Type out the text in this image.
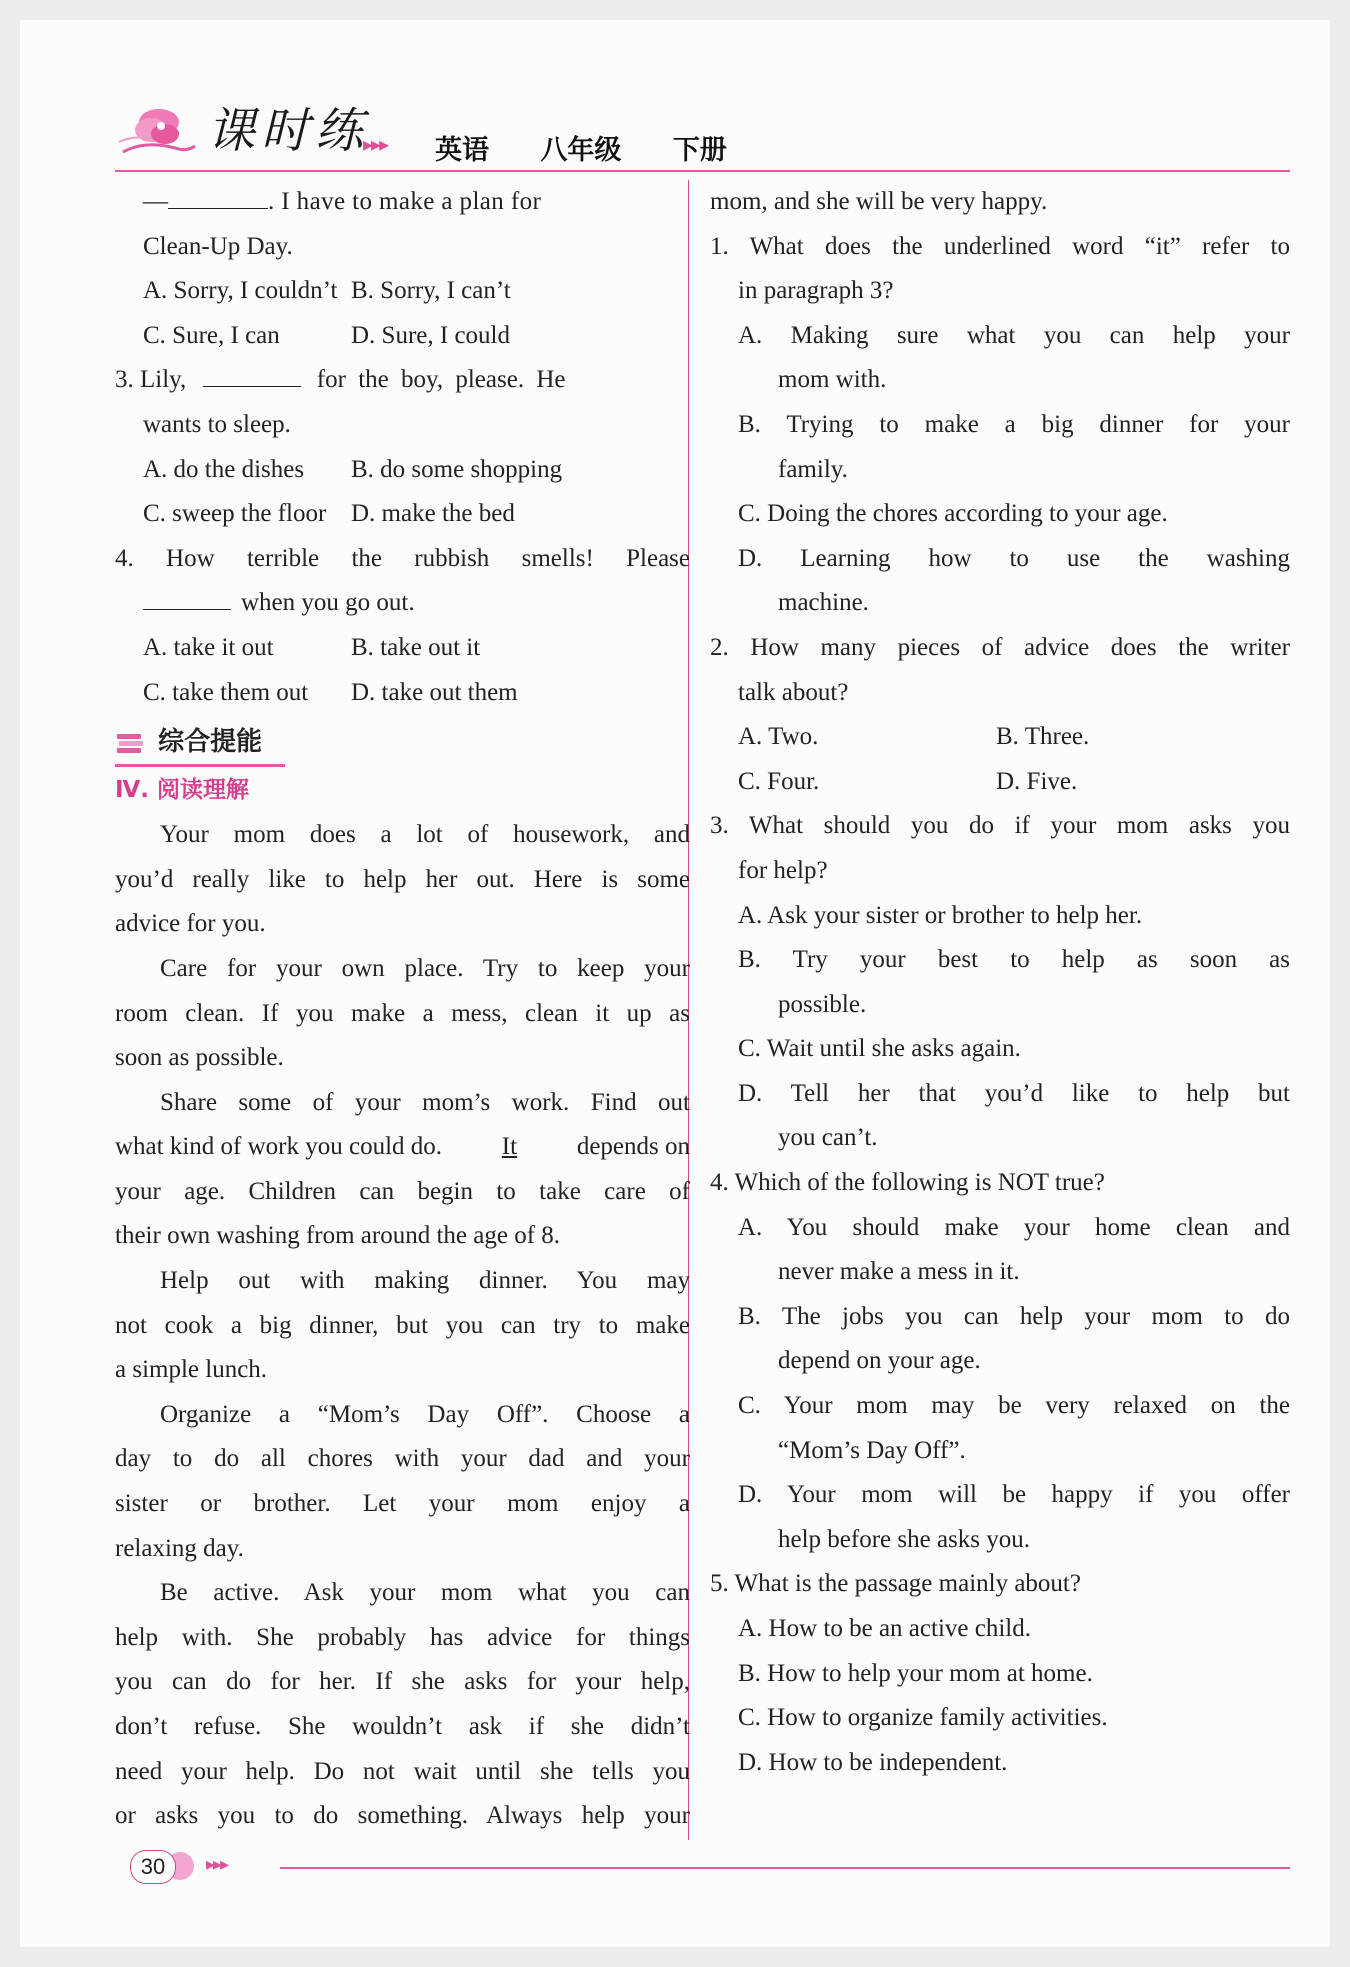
课时练
▸▸▸ 英语 八年级 下册
—	. I have to make a plan for
Clean-Up Day.
A. Sorry, I couldn’t B. Sorry, I can’t
C. Sure, I can	D. Sure, I could
3. Lily,	for the boy, please. He
wants to sleep.
A. do the dishes	B. do some shopping
C. sweep the floor D. make the bed
4. How terrible the rubbish smells! Please
when you go out.
A. take it out	B. take out it
C. take them out	D. take out them
综合提能
Ⅳ. 阅读理解
Your mom does a lot of housework, and
you’d really like to help her out. Here is some
advice for you.
Care for your own place. Try to keep your
room clean. If you make a mess, clean it up as
soon as possible.
Share some of your mom’s work. Find out
what kind of work you could do. It depends on
your age. Children can begin to take care of
their own washing from around the age of 8.
Help out with making dinner. You may
not cook a big dinner, but you can try to make
a simple lunch.
Organize a “Mom’s Day Off”. Choose a
day to do all chores with your dad and your
sister or brother. Let your mom enjoy a
relaxing day.
Be active. Ask your mom what you can
help with. She probably has advice for things
you can do for her. If she asks for your help,
don’t refuse. She wouldn’t ask if she didn’t
need your help. Do not wait until she tells you
or asks you to do something. Always help your
mom, and she will be very happy.
1. What does the underlined word “it” refer to
in paragraph 3?
A. Making sure what you can help your
mom with.
B. Trying to make a big dinner for your
family.
C. Doing the chores according to your age.
D. Learning how to use the washing
machine.
2. How many pieces of advice does the writer
talk about?
A. Two.	B. Three.
C. Four.	D. Five.
3. What should you do if your mom asks you
for help?
A. Ask your sister or brother to help her.
B. Try your best to help as soon as
possible.
C. Wait until she asks again.
D. Tell her that you’d like to help but
you can’t.
4. Which of the following is NOT true?
A. You should make your home clean and
never make a mess in it.
B. The jobs you can help your mom to do
depend on your age.
C. Your mom may be very relaxed on the
“Mom’s Day Off”.
D. Your mom will be happy if you offer
help before she asks you.
5. What is the passage mainly about?
A. How to be an active child.
B. How to help your mom at home.
C. How to organize family activities.
D. How to be independent.
30	▸▸▸
